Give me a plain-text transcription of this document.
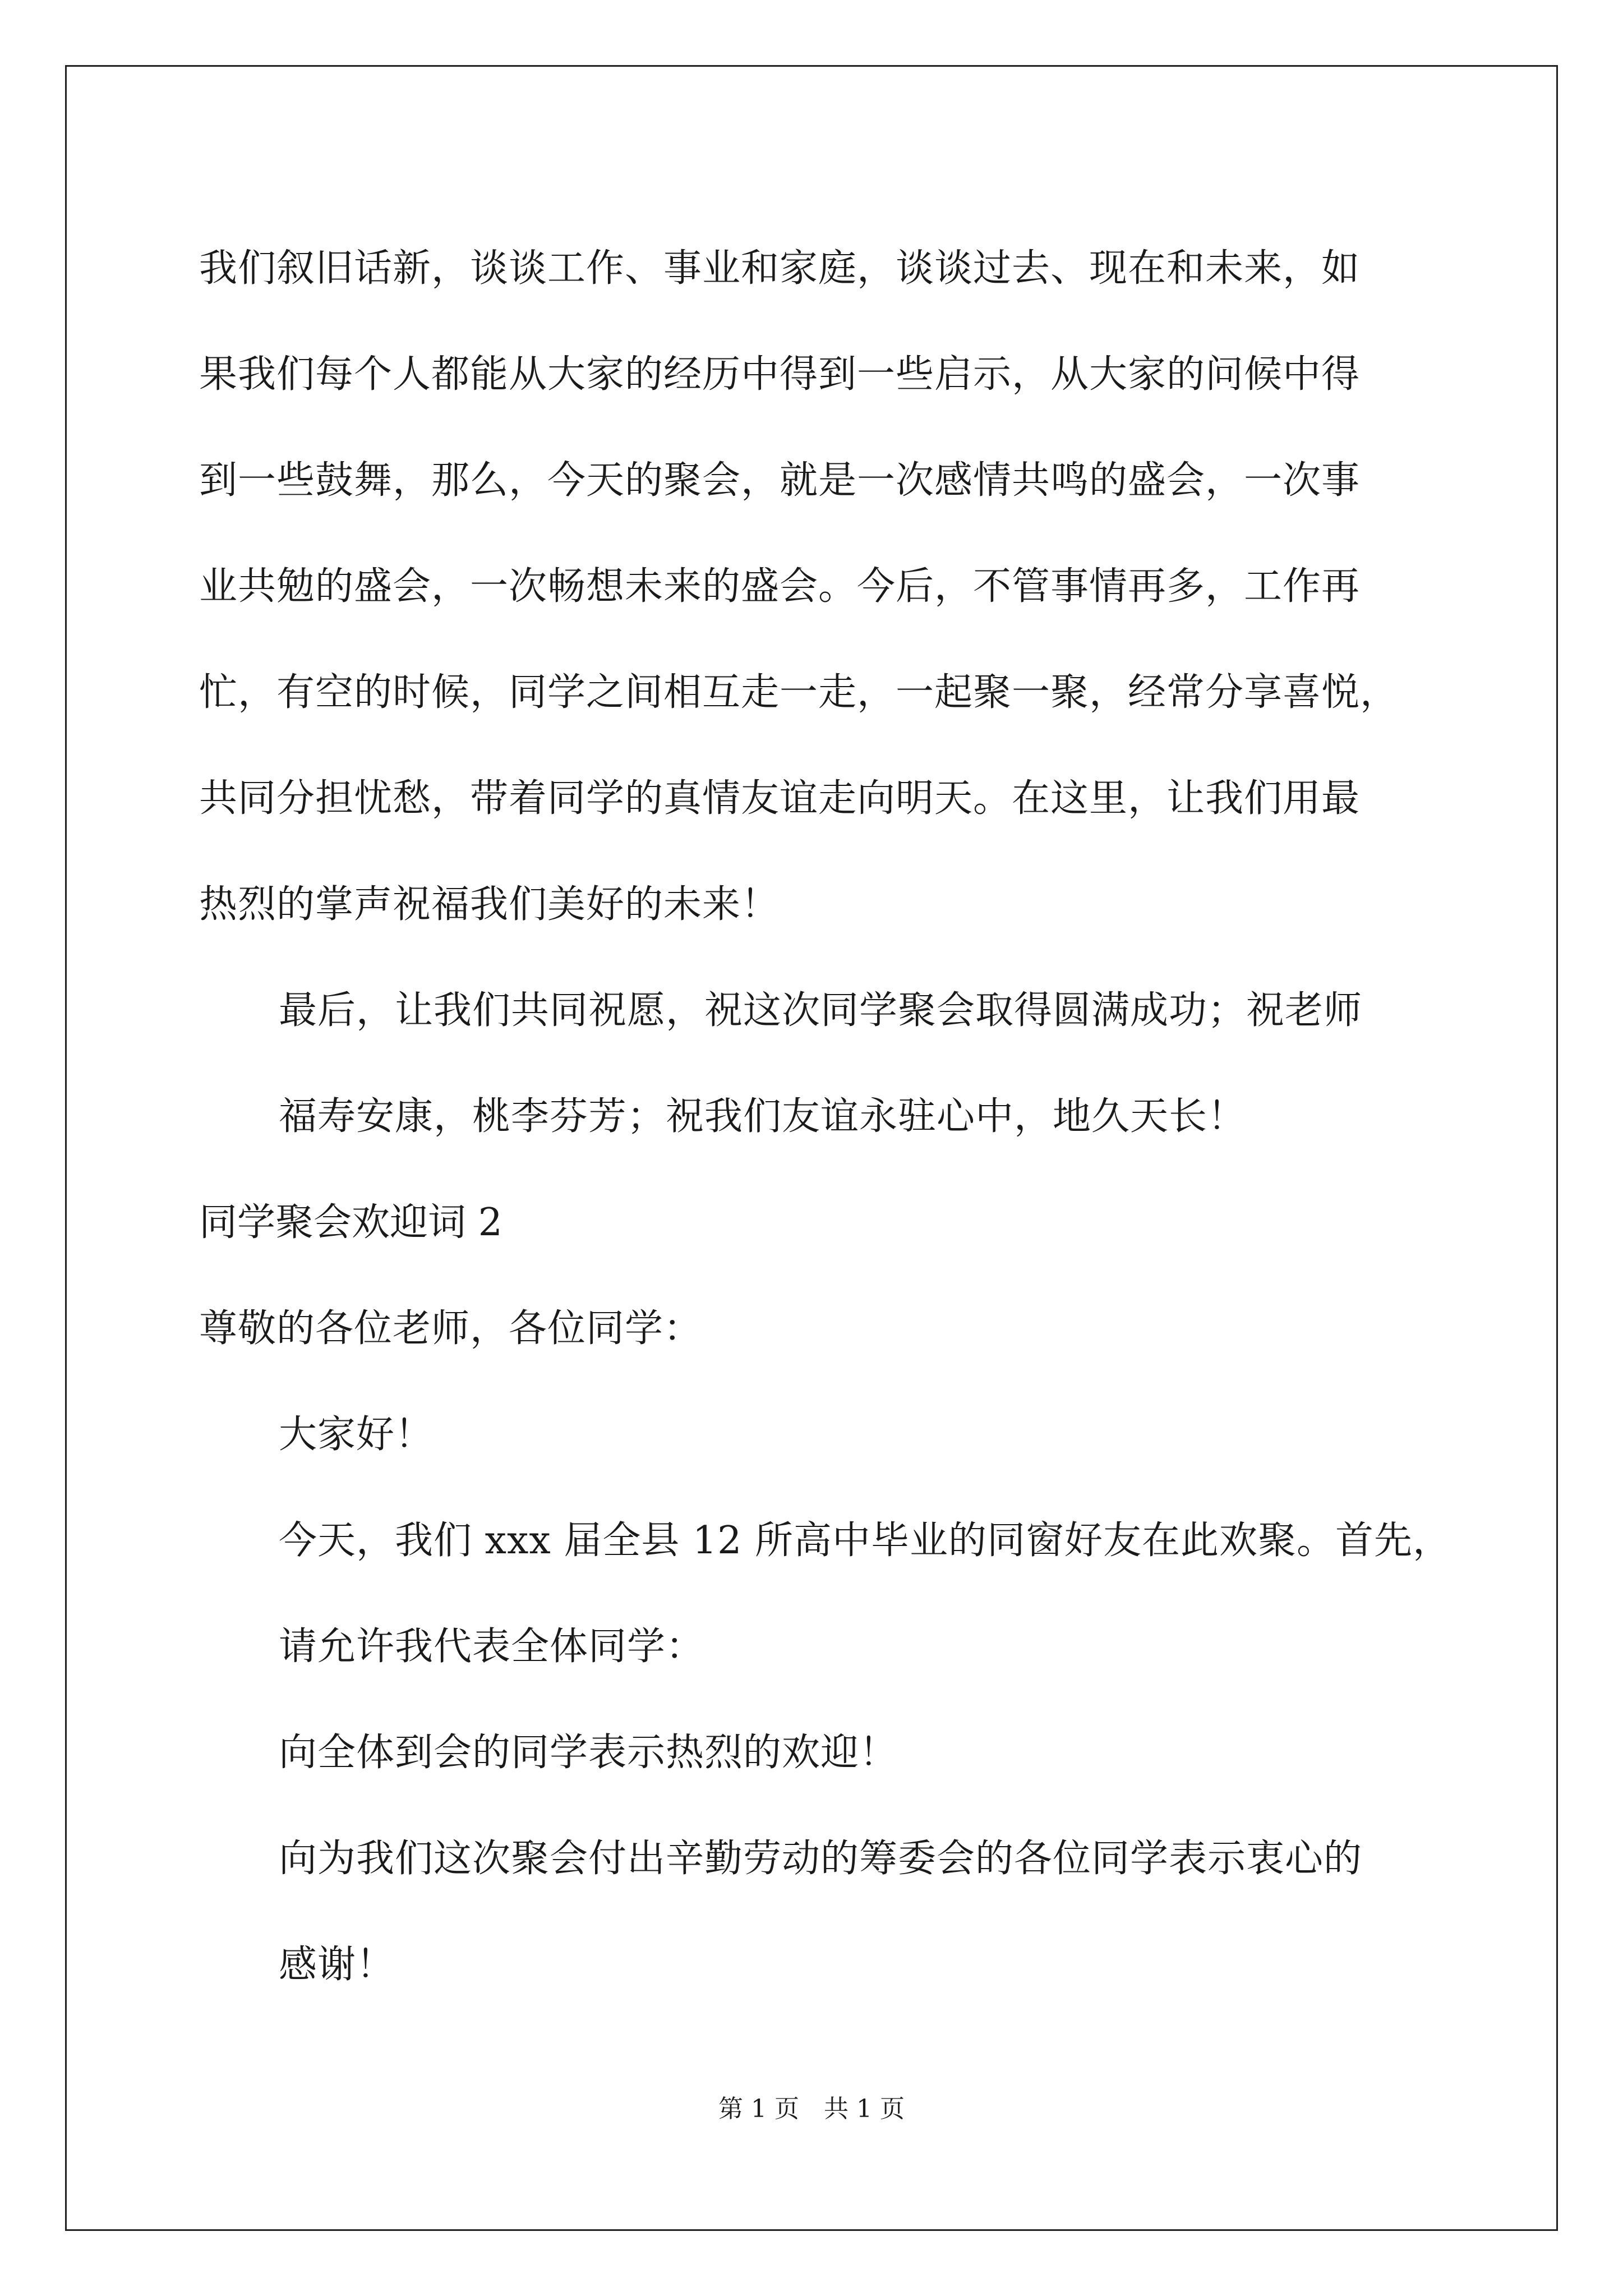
我们叙旧话新，谈谈工作、事业和家庭，谈谈过去、现在和未来，如
果我们每个人都能从大家的经历中得到一些启示，从大家的问候中得
到一些鼓舞，那么，今天的聚会，就是一次感情共鸣的盛会，一次事
业共勉的盛会，一次畅想未来的盛会。今后，不管事情再多，工作再
忙，有空的时候，同学之间相互走一走，一起聚一聚，经常分享喜悦，
共同分担忧愁，带着同学的真情友谊走向明天。在这里，让我们用最
热烈的掌声祝福我们美好的未来！

最后，让我们共同祝愿，祝这次同学聚会取得圆满成功；祝老师
福寿安康，桃李芬芳；祝我们友谊永驻心中，地久天长！

同学聚会欢迎词 2

尊敬的各位老师，各位同学：

大家好！

今天，我们 xxx 届全县 12 所高中毕业的同窗好友在此欢聚。首先，
请允许我代表全体同学：

向全体到会的同学表示热烈的欢迎！

向为我们这次聚会付出辛勤劳动的筹委会的各位同学表示衷心的
感谢！

第 1 页　共 1 页
